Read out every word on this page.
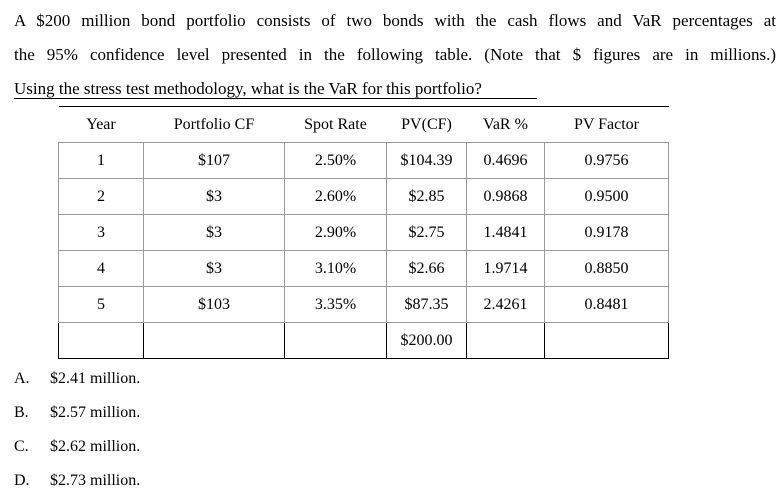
A $200 million bond portfolio consists of two bonds with the cash flows and VaR percentages at
the 95% confidence level presented in the following table. (Note that $ figures are in millions.)
Using the stress test methodology, what is the VaR for this portfolio?
Year	Portfolio CF	Spot Rate	PV(CF)	VaR %	PV Factor
1	$107	2.50%	$104.39	0.4696	0.9756
2	$3	2.60%	$2.85	0.9868	0.9500
3	$3	2.90%	$2.75	1.4841	0.9178
4	$3	3.10%	$2.66	1.9714	0.8850
5	$103	3.35%	$87.35	2.4261	0.8481
			$200.00		
A. $2.41 million.
B. $2.57 million.
C. $2.62 million.
D. $2.73 million.
